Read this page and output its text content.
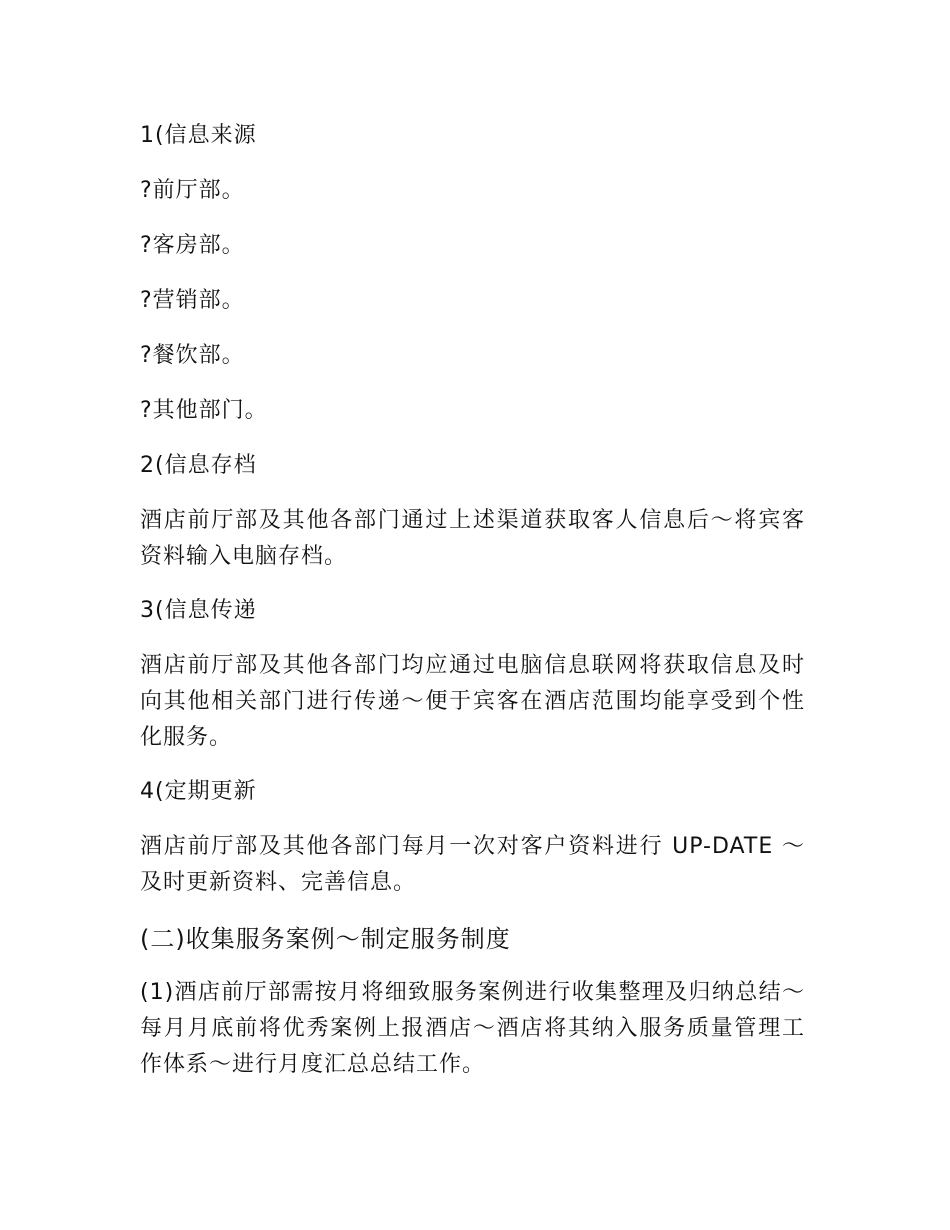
1(信息来源

?前厅部。

?客房部。

?营销部。

?餐饮部。

?其他部门。

2(信息存档

酒店前厅部及其他各部门通过上述渠道获取客人信息后～将宾客资料输入电脑存档。

3(信息传递

酒店前厅部及其他各部门均应通过电脑信息联网将获取信息及时向其他相关部门进行传递～便于宾客在酒店范围均能享受到个性化服务。

4(定期更新

酒店前厅部及其他各部门每月一次对客户资料进行 UP-DATE ～及时更新资料、完善信息。

(二)收集服务案例～制定服务制度

(1)酒店前厅部需按月将细致服务案例进行收集整理及归纳总结～每月月底前将优秀案例上报酒店～酒店将其纳入服务质量管理工作体系～进行月度汇总总结工作。
